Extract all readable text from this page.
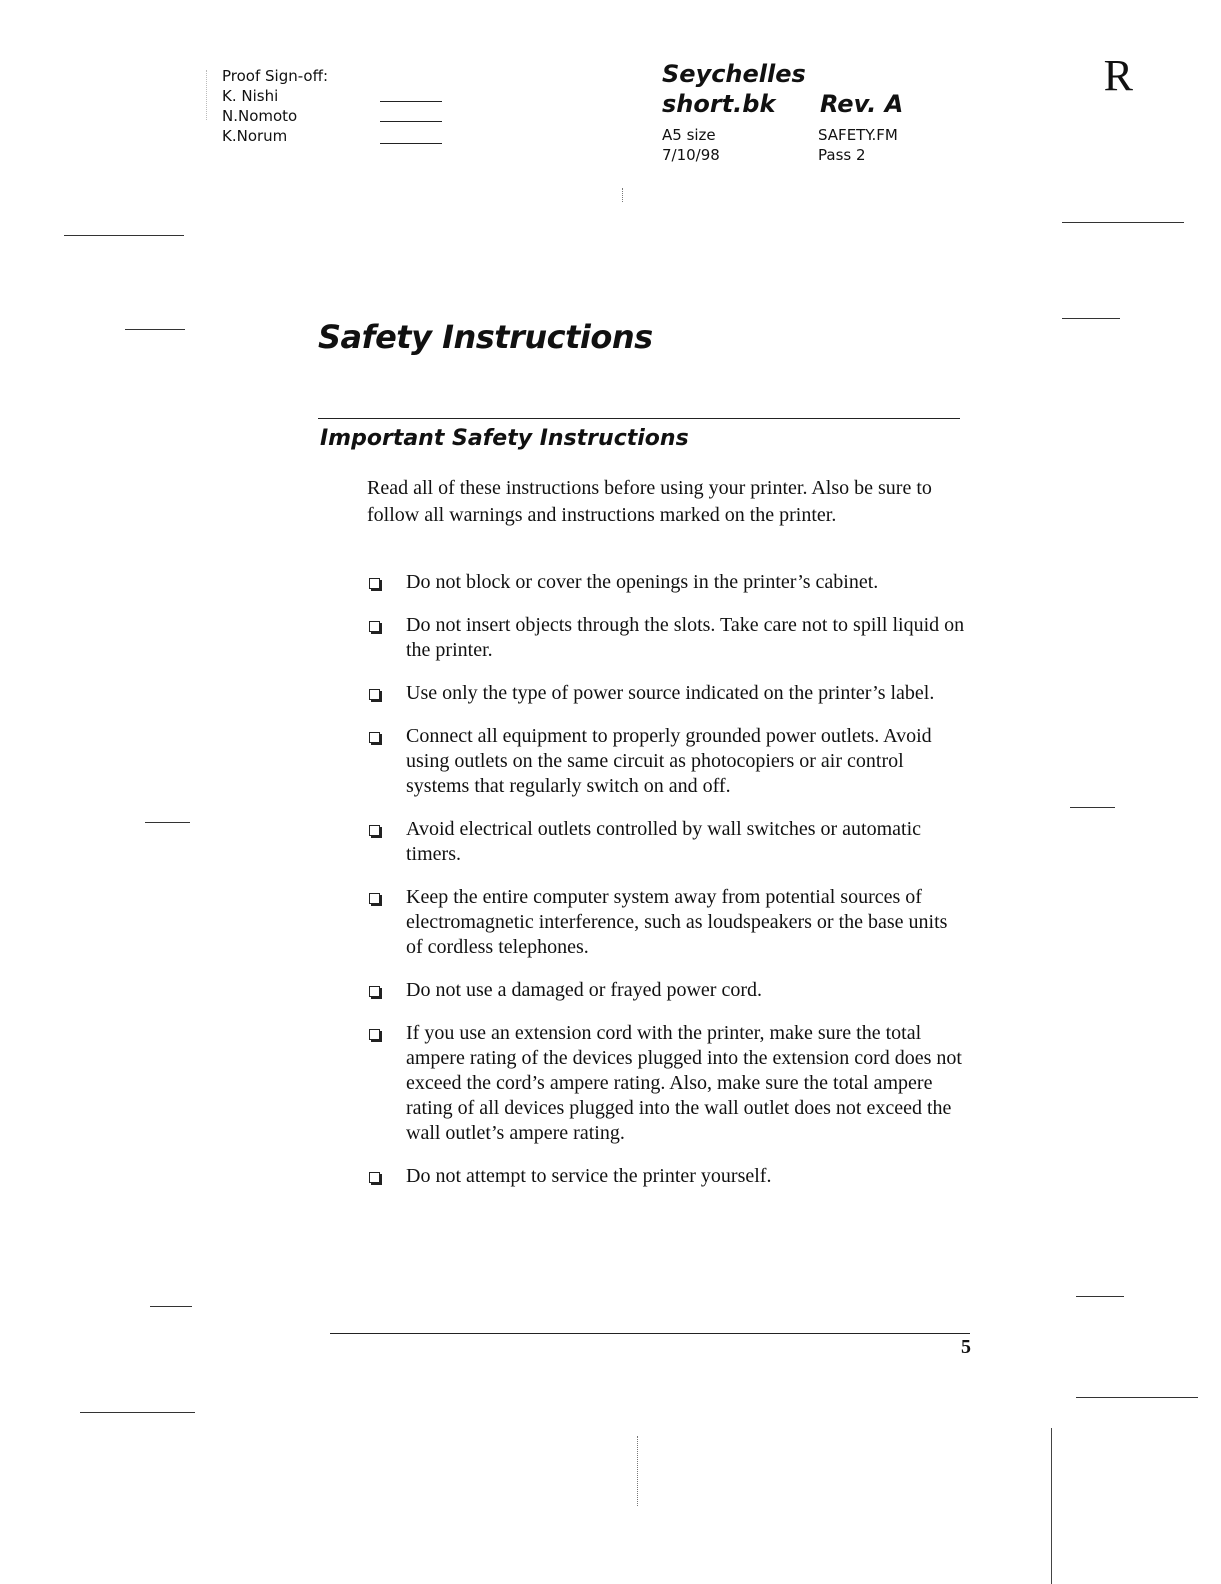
Proof Sign-off:
K. Nishi
N.Nomoto
K.Norum
Seychelles
short.bk Rev. A
A5 size
7/10/98
SAFETY.FM
Pass 2
R
Safety Instructions
Important Safety Instructions
Read all of these instructions before using your printer. Also be sure to follow all warnings and instructions marked on the printer.
Do not block or cover the openings in the printer’s cabinet.
Do not insert objects through the slots. Take care not to spill liquid on the printer.
Use only the type of power source indicated on the printer’s label.
Connect all equipment to properly grounded power outlets. Avoid using outlets on the same circuit as photocopiers or air control systems that regularly switch on and off.
Avoid electrical outlets controlled by wall switches or automatic timers.
Keep the entire computer system away from potential sources of electromagnetic interference, such as loudspeakers or the base units of cordless telephones.
Do not use a damaged or frayed power cord.
If you use an extension cord with the printer, make sure the total ampere rating of the devices plugged into the extension cord does not exceed the cord’s ampere rating. Also, make sure the total ampere rating of all devices plugged into the wall outlet does not exceed the wall outlet’s ampere rating.
Do not attempt to service the printer yourself.
5
